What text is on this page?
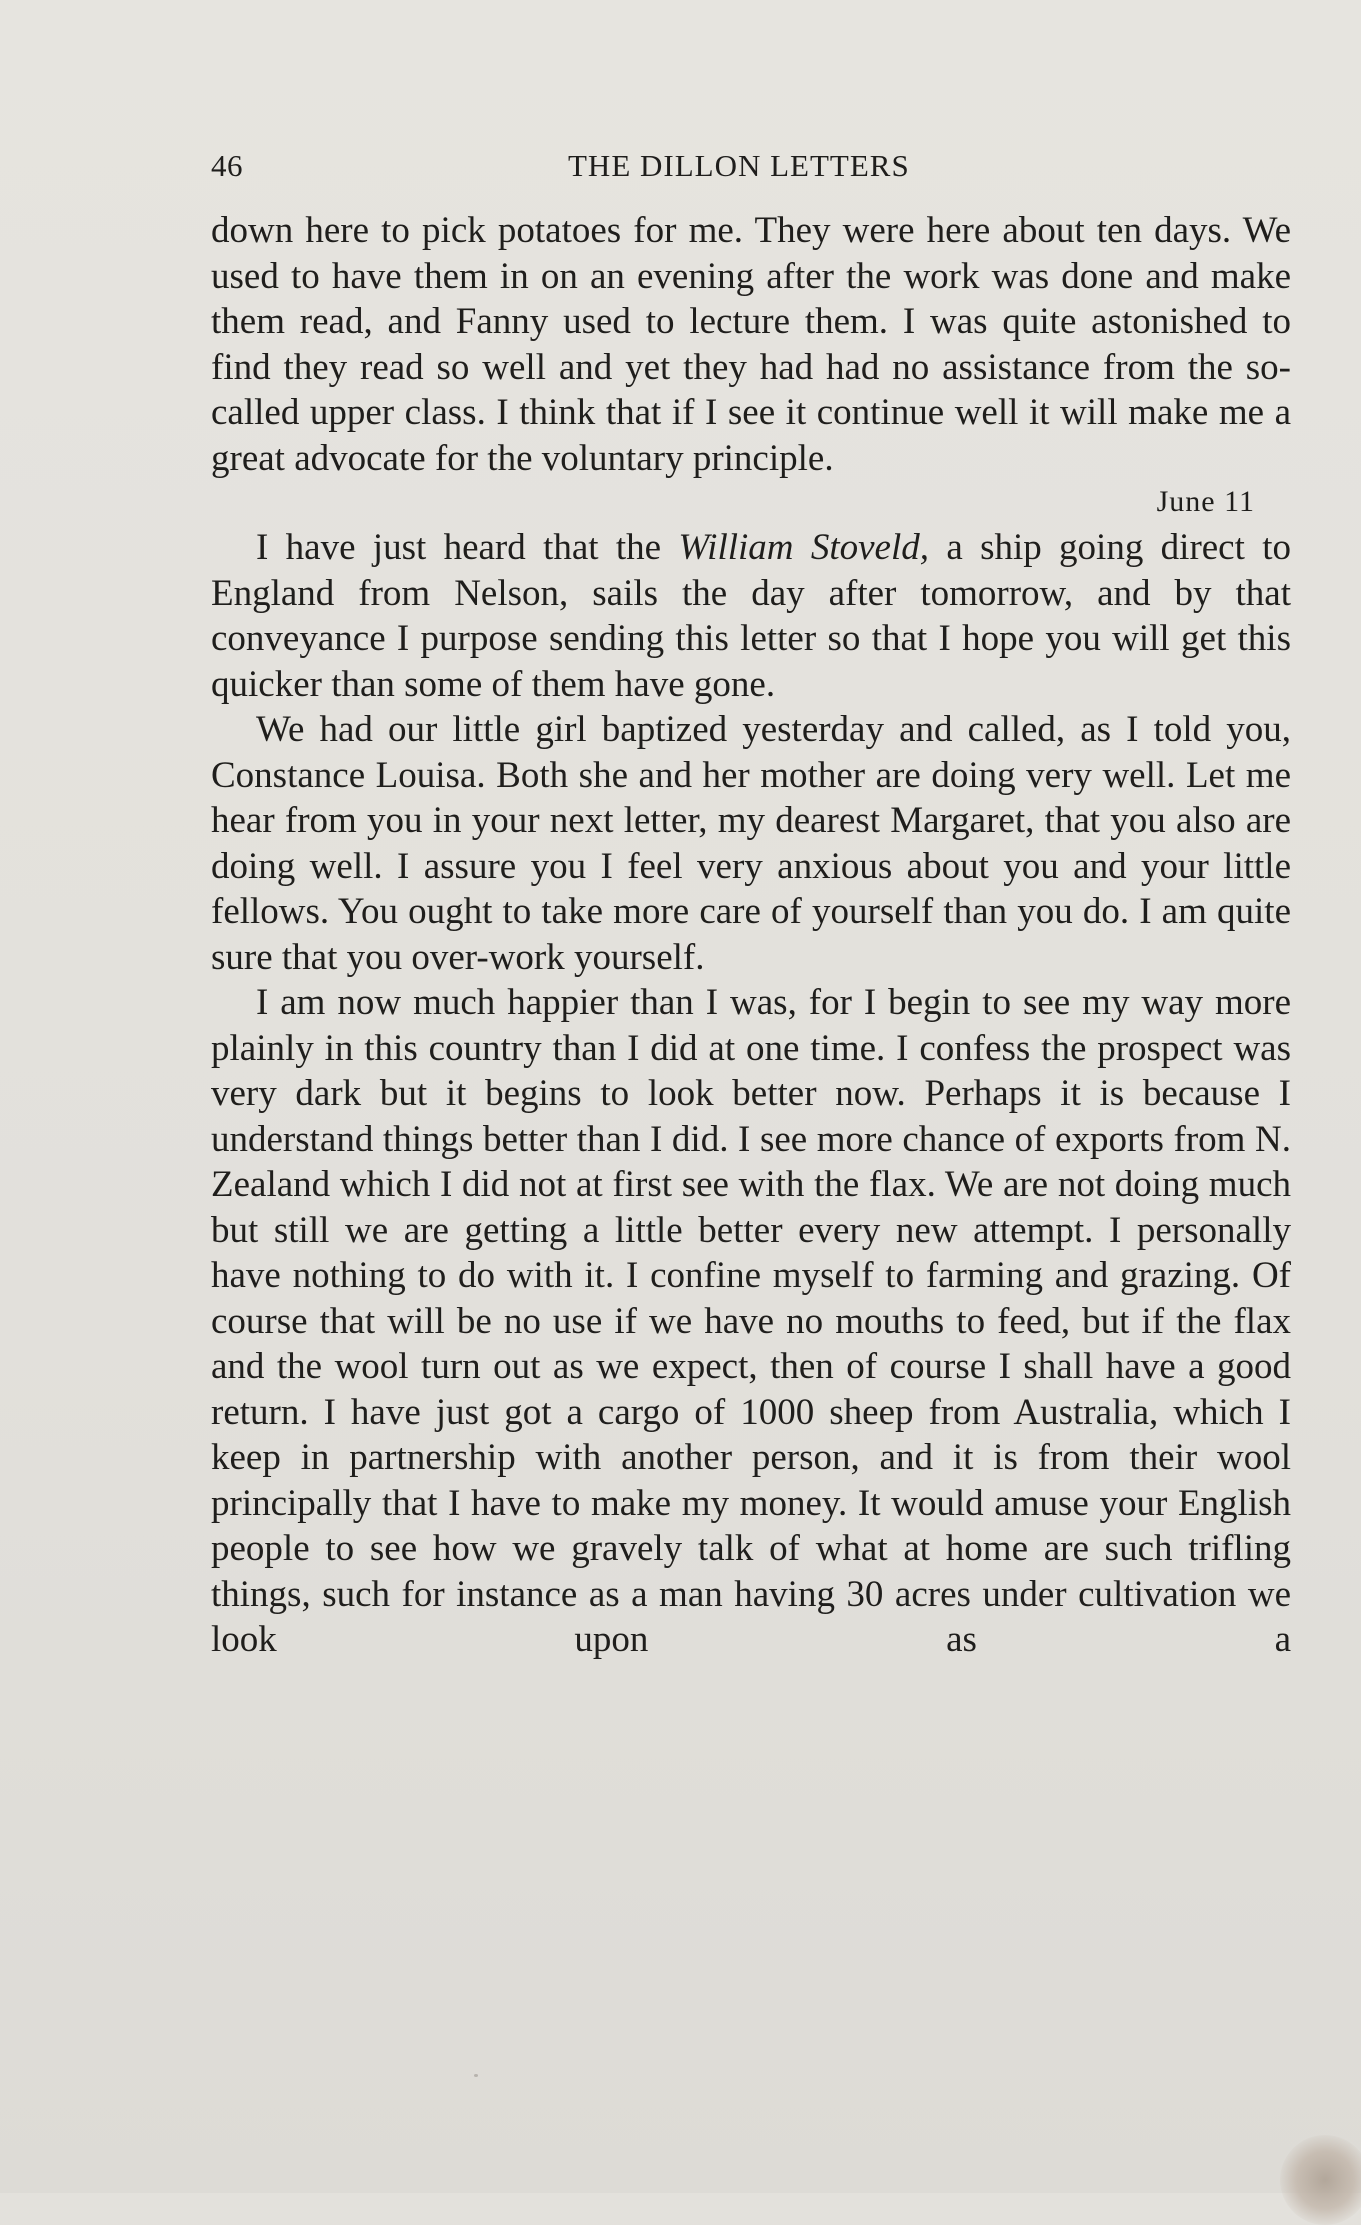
46	THE DILLON LETTERS

down here to pick potatoes for me. They were here about ten days. We used to have them in on an evening after the work was done and make them read, and Fanny used to lecture them. I was quite astonished to find they read so well and yet they had had no assistance from the so-called upper class. I think that if I see it continue well it will make me a great advocate for the voluntary principle.

June 11

I have just heard that the William Stoveld, a ship going direct to England from Nelson, sails the day after tomorrow, and by that conveyance I purpose sending this letter so that I hope you will get this quicker than some of them have gone.

We had our little girl baptized yesterday and called, as I told you, Constance Louisa. Both she and her mother are doing very well. Let me hear from you in your next letter, my dearest Margaret, that you also are doing well. I assure you I feel very anxious about you and your little fellows. You ought to take more care of yourself than you do. I am quite sure that you over-work yourself.

I am now much happier than I was, for I begin to see my way more plainly in this country than I did at one time. I confess the prospect was very dark but it begins to look better now. Perhaps it is because I understand things better than I did. I see more chance of exports from N. Zealand which I did not at first see with the flax. We are not doing much but still we are getting a little better every new attempt. I personally have nothing to do with it. I confine myself to farming and grazing. Of course that will be no use if we have no mouths to feed, but if the flax and the wool turn out as we expect, then of course I shall have a good return. I have just got a cargo of 1000 sheep from Australia, which I keep in partnership with another person, and it is from their wool principally that I have to make my money. It would amuse your English people to see how we gravely talk of what at home are such trifling things, such for instance as a man having 30 acres under cultivation we look upon as a
